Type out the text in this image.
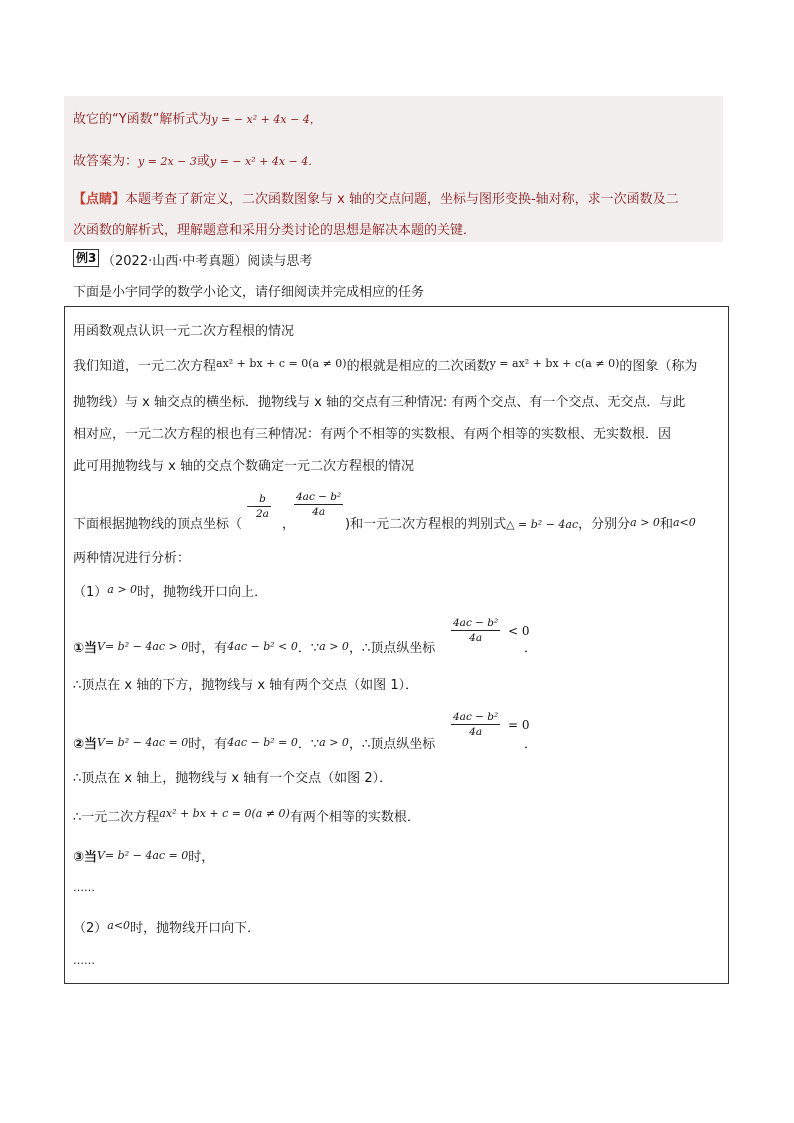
故它的“Y函数”解析式为y = − x² + 4x − 4，
故答案为：y = 2x − 3或y = − x² + 4x − 4．
【点睛】本题考查了新定义，二次函数图象与 x 轴的交点问题，坐标与图形变换-轴对称，求一次函数及二
次函数的解析式，理解题意和采用分类讨论的思想是解决本题的关键．
例3 （2022·山西·中考真题）阅读与思考
下面是小宇同学的数学小论文，请仔细阅读并完成相应的任务
用函数观点认识一元二次方程根的情况
我们知道，一元二次方程$^{ax^2 + bx + c = 0(a \ne 0)}$的根就是相应的二次函数$^{y = ax^2 + bx + c(a \ne 0)}$的图象（称为
抛物线）与 x 轴交点的横坐标．抛物线与 x 轴的交点有三种情况: 有两个交点、有一个交点、无交点．与此
相对应，一元二次方程的根也有三种情况：有两个不相等的实数根、有两个相等的实数根、无实数根．因
此可用抛物线与 x 轴的交点个数确定一元二次方程根的情况
下面根据抛物线的顶点坐标（
−
$\frac{b}{2a}$
，
$\frac{\text{4ac − b²}}{4a}$
)和一元二次方程根的判别式△ = b² − 4ac，分别分a > 0和a<0
两种情况进行分析：
$(1)^{a > 0}$时，抛物线开口向上．
①当V= b² − 4ac > 0时，有4ac − b² < 0．∵a > 0，∴顶点纵坐标
$\frac{\text{4ac − b²}}{4a} < 0$
．
∴顶点在 x 轴的下方，抛物线与 x 轴有两个交点（如图 1）．
②当V= b² − 4ac = 0时，有4ac − b² = 0．∵a > 0，∴顶点纵坐标
$\frac{\text{4ac − b²}}{4a} = 0$
．
∴顶点在 x 轴上，抛物线与 x 轴有一个交点（如图 2）．
∴一元二次方程$^{ax^2 + bx + c = 0(a \ne 0)}$有两个相等的实数根．
③当V= b² − 4ac = 0时，
……
$(2)^{a<0}$时，抛物线开口向下．
……
